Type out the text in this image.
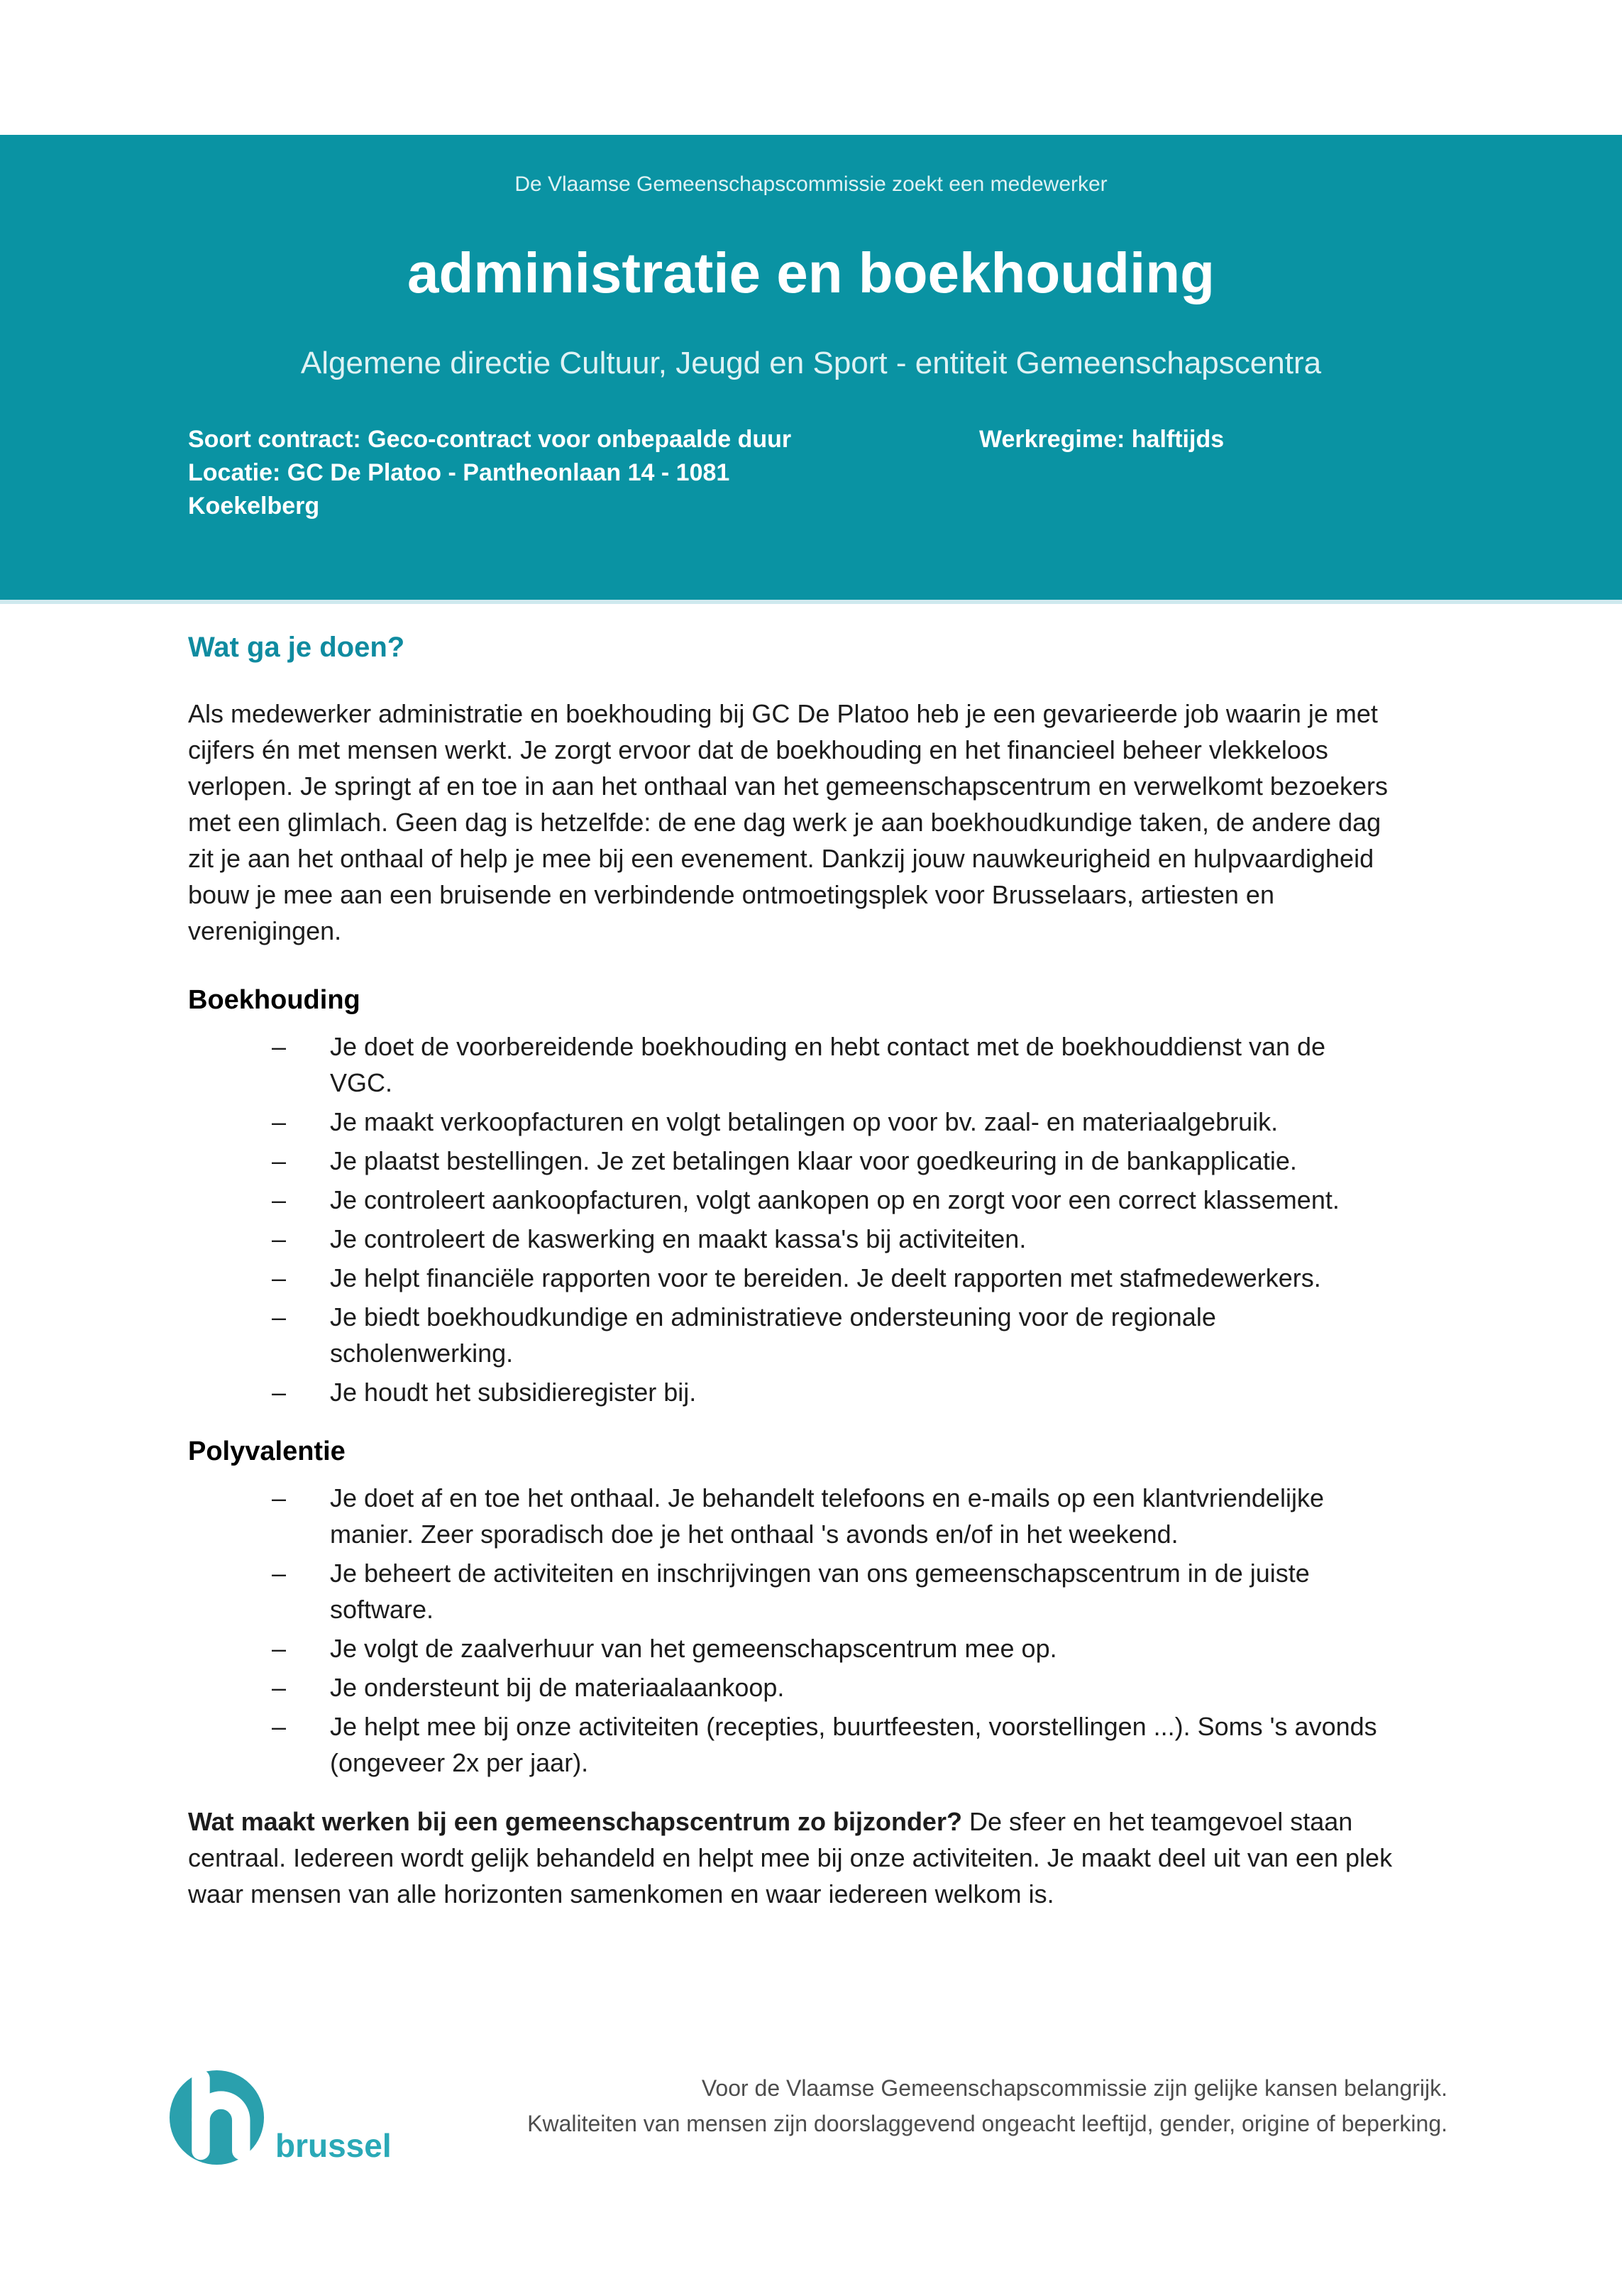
De Vlaamse Gemeenschapscommissie zoekt een medewerker
administratie en boekhouding
Algemene directie Cultuur, Jeugd en Sport - entiteit Gemeenschapscentra
Soort contract: Geco-contract voor onbepaalde duur
Locatie: GC De Platoo - Pantheonlaan 14 - 1081 Koekelberg
Werkregime: halftijds
Wat ga je doen?

Als medewerker administratie en boekhouding bij GC De Platoo heb je een gevarieerde job waarin je met cijfers én met mensen werkt. Je zorgt ervoor dat de boekhouding en het financieel beheer vlekkeloos verlopen. Je springt af en toe in aan het onthaal van het gemeenschapscentrum en verwelkomt bezoekers met een glimlach. Geen dag is hetzelfde: de ene dag werk je aan boekhoudkundige taken, de andere dag zit je aan het onthaal of help je mee bij een evenement. Dankzij jouw nauwkeurigheid en hulpvaardigheid bouw je mee aan een bruisende en verbindende ontmoetingsplek voor Brusselaars, artiesten en verenigingen.

Boekhouding
– Je doet de voorbereidende boekhouding en hebt contact met de boekhouddienst van de VGC.
– Je maakt verkoopfacturen en volgt betalingen op voor bv. zaal- en materiaalgebruik.
– Je plaatst bestellingen. Je zet betalingen klaar voor goedkeuring in de bankapplicatie.
– Je controleert aankoopfacturen, volgt aankopen op en zorgt voor een correct klassement.
– Je controleert de kaswerking en maakt kassa's bij activiteiten.
– Je helpt financiële rapporten voor te bereiden. Je deelt rapporten met stafmedewerkers.
– Je biedt boekhoudkundige en administratieve ondersteuning voor de regionale scholenwerking.
– Je houdt het subsidieregister bij.
Polyvalentie
– Je doet af en toe het onthaal. Je behandelt telefoons en e-mails op een klantvriendelijke manier. Zeer sporadisch doe je het onthaal 's avonds en/of in het weekend.
– Je beheert de activiteiten en inschrijvingen van ons gemeenschapscentrum in de juiste software.
– Je volgt de zaalverhuur van het gemeenschapscentrum mee op.
– Je ondersteunt bij de materiaalaankoop.
– Je helpt mee bij onze activiteiten (recepties, buurtfeesten, voorstellingen ...). Soms 's avonds (ongeveer 2x per jaar).

Wat maakt werken bij een gemeenschapscentrum zo bijzonder? De sfeer en het teamgevoel staan centraal. Iedereen wordt gelijk behandeld en helpt mee bij onze activiteiten. Je maakt deel uit van een plek waar mensen van alle horizonten samenkomen en waar iedereen welkom is.

brussel
Voor de Vlaamse Gemeenschapscommissie zijn gelijke kansen belangrijk.
Kwaliteiten van mensen zijn doorslaggevend ongeacht leeftijd, gender, origine of beperking.
